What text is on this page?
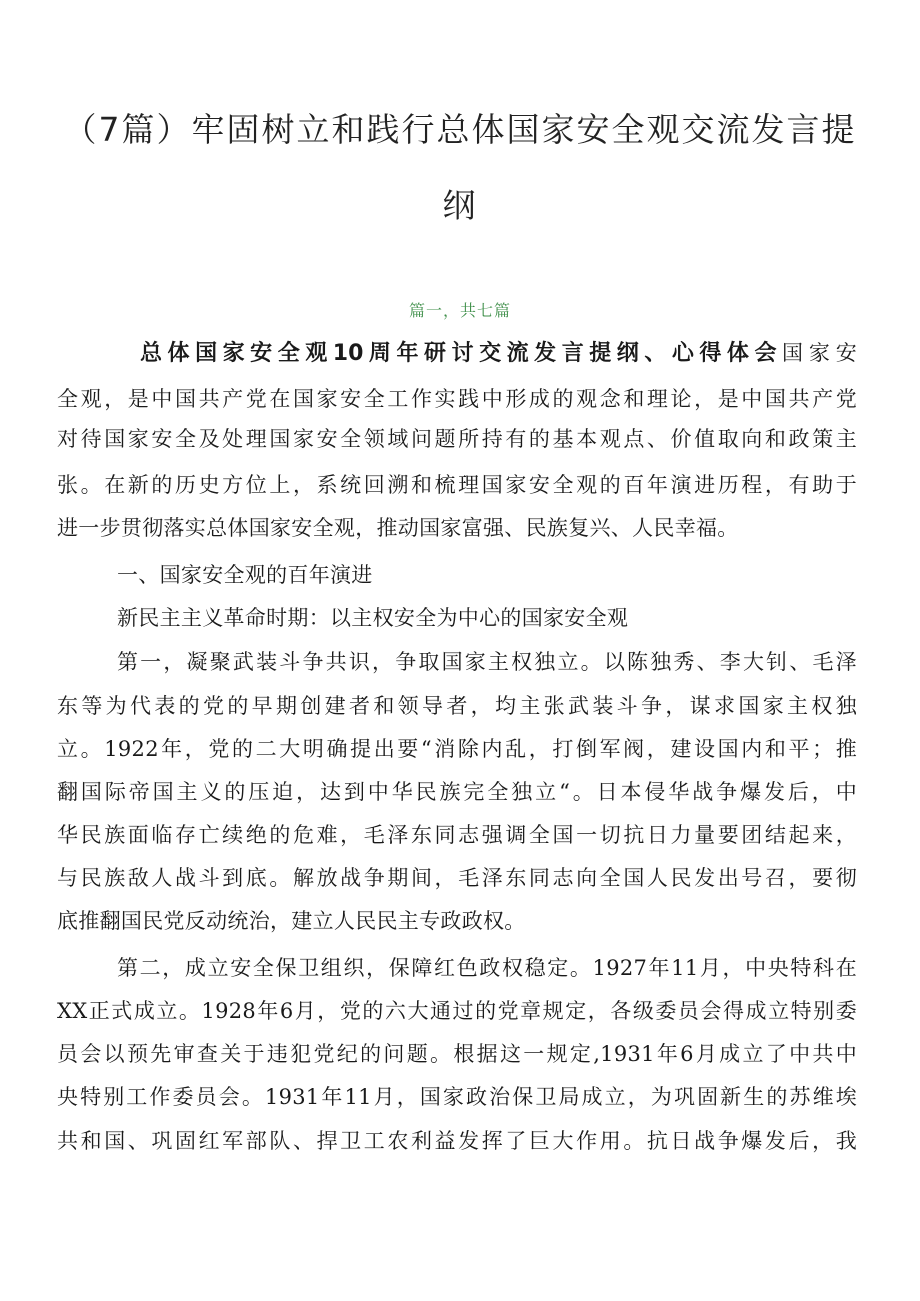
（7篇）牢固树立和践行总体国家安全观交流发言提
纲
篇一，共七篇
总体国家安全观10周年研讨交流发言提纲、心得体会国家安
全观，是中国共产党在国家安全工作实践中形成的观念和理论，是中国共产党
对待国家安全及处理国家安全领域问题所持有的基本观点、价值取向和政策主
张。在新的历史方位上，系统回溯和梳理国家安全观的百年演进历程，有助于
进一步贯彻落实总体国家安全观，推动国家富强、民族复兴、人民幸福。
一、国家安全观的百年演进
新民主主义革命时期：以主权安全为中心的国家安全观
第一，凝聚武装斗争共识，争取国家主权独立。以陈独秀、李大钊、毛泽
东等为代表的党的早期创建者和领导者，均主张武装斗争，谋求国家主权独
立。1922年，党的二大明确提出要“消除内乱，打倒军阀，建设国内和平；推
翻国际帝国主义的压迫，达到中华民族完全独立“。日本侵华战争爆发后，中
华民族面临存亡续绝的危难，毛泽东同志强调全国一切抗日力量要团结起来，
与民族敌人战斗到底。解放战争期间，毛泽东同志向全国人民发出号召，要彻
底推翻国民党反动统治，建立人民民主专政政权。
第二，成立安全保卫组织，保障红色政权稳定。1927年11月，中央特科在
XX正式成立。1928年6月，党的六大通过的党章规定，各级委员会得成立特别委
员会以预先审查关于违犯党纪的问题。根据这一规定,1931年6月成立了中共中
央特别工作委员会。1931年11月，国家政治保卫局成立，为巩固新生的苏维埃
共和国、巩固红军部队、捍卫工农利益发挥了巨大作用。抗日战争爆发后，我
